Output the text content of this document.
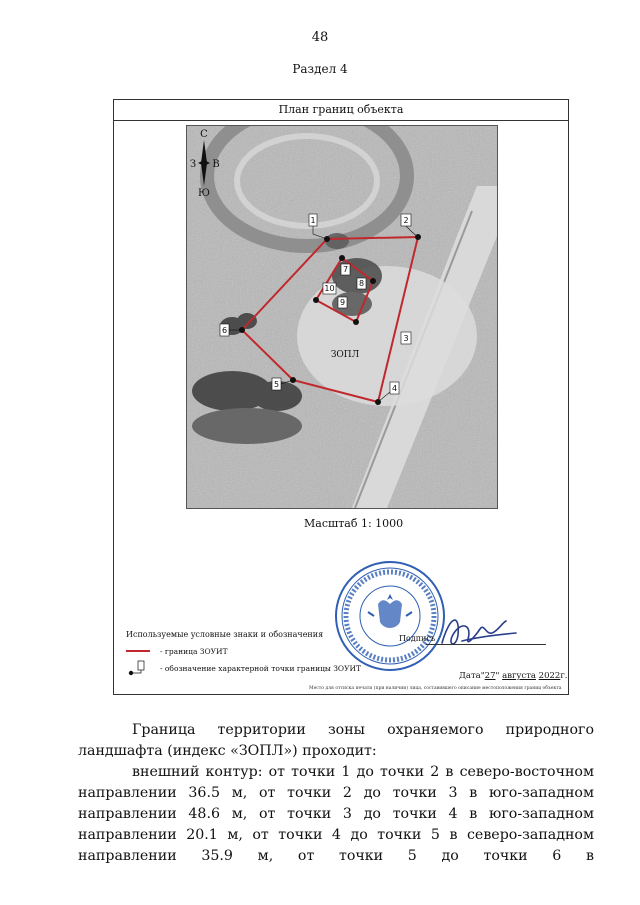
48
Раздел 4
План границ объекта
С
Ю
З В
1	2
3
4
5
6
7
8
9
10
ЗОПЛ
Масштаб 1: 1000
Используемые условные знаки и обозначения
- граница ЗОУИТ
- обозначение характерной точки границы ЗОУИТ
Подпись
Дата"27" августа 2022г.
Место для оттиска печати (при наличии) лица, составившего описание местоположения границ объекта

Граница территории зоны охраняемого природного ландшафта (индекс «ЗОПЛ») проходит:

внешний контур: от точки 1 до точки 2 в северо-восточном направлении 36.5 м, от точки 2 до точки 3 в юго-западном направлении 48.6 м, от точки 3 до точки 4 в юго-западном направлении 20.1 м, от точки 4 до точки 5 в северо-западном направлении 35.9 м, от точки 5 до точки 6 в
